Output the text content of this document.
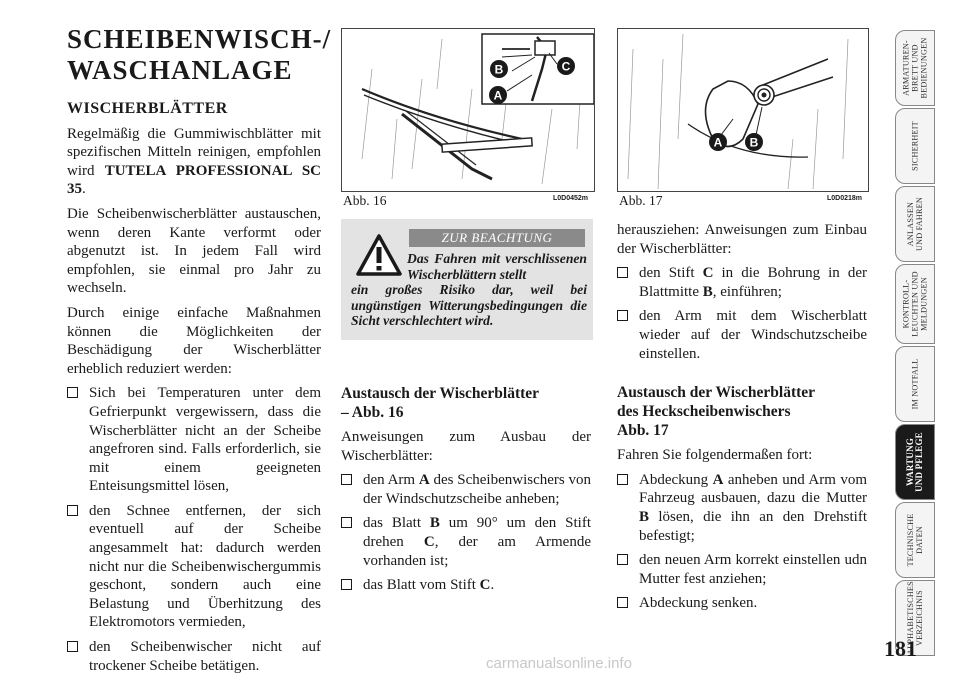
SCHEIBENWISCH-/
WASCHANLAGE
WISCHERBLÄTTER

Regelmäßig die Gummiwischblätter mit spezifischen Mitteln reinigen, empfohlen wird TUTELA PROFESSIONAL SC 35.

Die Scheibenwischerblätter austauschen, wenn deren Kante verformt oder abgenutzt ist. In jedem Fall wird empfohlen, sie einmal pro Jahr zu wechseln.

Durch einige einfache Maßnahmen können die Möglichkeiten der Beschädigung der Wischerblätter erheblich reduziert werden:

Sich bei Temperaturen unter dem Gefrierpunkt vergewissern, dass die Wischerblätter nicht an der Scheibe angefroren sind. Falls erforderlich, sie mit einem geeigneten Enteisungsmittel lösen,
den Schnee entfernen, der sich eventuell auf der Scheibe angesammelt hat: dadurch werden nicht nur die Scheibenwischergummis geschont, sondern auch eine Belastung und Überhitzung des Elektromotors vermieden,
den Scheibenwischer nicht auf trockener Scheibe betätigen.
B	C
A
Abb. 16	L0D0452m
A B
Abb. 17	L0D0218m
ZUR BEACHTUNG
Das Fahren mit verschlissenen Wischerblättern stellt
ein großes Risiko dar, weil bei ungünstigen Witterungsbedingungen die Sicht verschlechtert wird.
Austausch der Wischerblätter
– Abb. 16

Anweisungen zum Ausbau der Wischerblätter:

den Arm A des Scheibenwischers von der Windschutzscheibe anheben;
das Blatt B um 90° um den Stift drehen C, der am Armende vorhanden ist;
das Blatt vom Stift C.

herausziehen: Anweisungen zum Einbau der Wischerblätter:

den Stift C in die Bohrung in der Blattmitte B, einführen;
den Arm mit dem Wischerblatt wieder auf der Windschutzscheibe einstellen.
Austausch der Wischerblätter
des Heckscheibenwischers
Abb. 17

Fahren Sie folgendermaßen fort:

Abdeckung A anheben und Arm vom Fahrzeug ausbauen, dazu die Mutter B lösen, die ihn an den Drehstift befestigt;
den neuen Arm korrekt einstellen udn Mutter fest anziehen;
Abdeckung senken.
ARMATUREN-
BRETT UND
BEDIENUNGEN
SICHERHEIT
ANLASSEN
UND FAHREN
KONTROLL-
LEUCHTEN UND
MELDUNGEN
IM NOTFALL
WARTUNG
UND PFLEGE
TECHNISCHE
DATEN
ALPHABETISCHES
VERZEICHNIS
181
carmanualsonline.info
